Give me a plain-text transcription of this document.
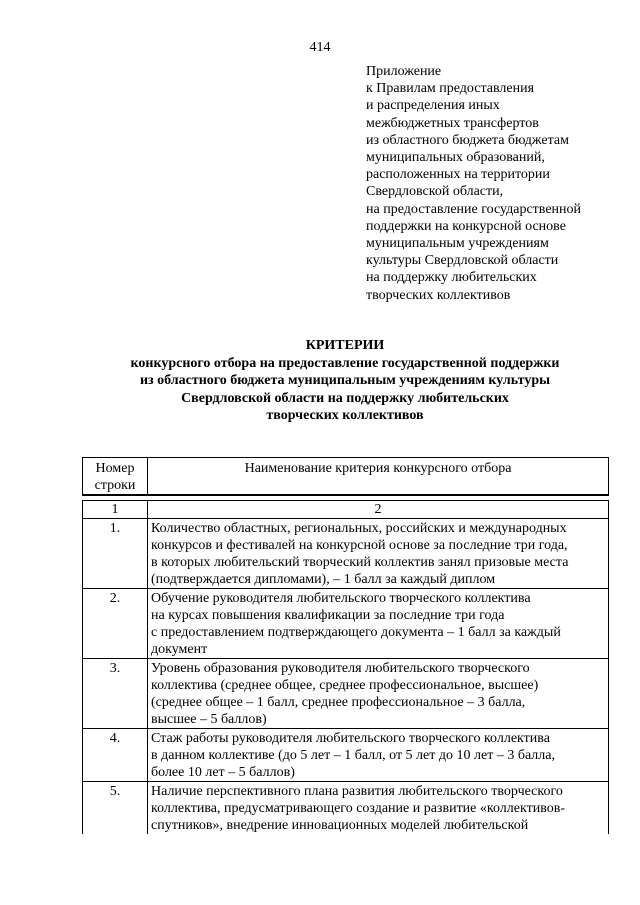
414
Приложение
к Правилам предоставления
и распределения иных
межбюджетных трансфертов
из областного бюджета бюджетам
муниципальных образований,
расположенных на территории
Свердловской области,
на предоставление государственной
поддержки на конкурсной основе
муниципальным учреждениям
культуры Свердловской области
на поддержку любительских
творческих коллективов
КРИТЕРИИ
конкурсного отбора на предоставление государственной поддержки
из областного бюджета муниципальным учреждениям культуры
Свердловской области на поддержку любительских
творческих коллективов
Номер строки	Наименование критерия конкурсного отбора

1	2
1.	Количество областных, региональных, российских и международных
конкурсов и фестивалей на конкурсной основе за последние три года,
в которых любительский творческий коллектив занял призовые места
(подтверждается дипломами), – 1 балл за каждый диплом
2.	Обучение руководителя любительского творческого коллектива
на курсах повышения квалификации за последние три года
с предоставлением подтверждающего документа – 1 балл за каждый
документ
3.	Уровень образования руководителя любительского творческого
коллектива (среднее общее, среднее профессиональное, высшее)
(среднее общее – 1 балл, среднее профессиональное – 3 балла,
высшее – 5 баллов)
4.	Стаж работы руководителя любительского творческого коллектива
в данном коллективе (до 5 лет – 1 балл, от 5 лет до 10 лет – 3 балла,
более 10 лет – 5 баллов)
5.	Наличие перспективного плана развития любительского творческого
коллектива, предусматривающего создание и развитие «коллективов-
спутников», внедрение инновационных моделей любительской
